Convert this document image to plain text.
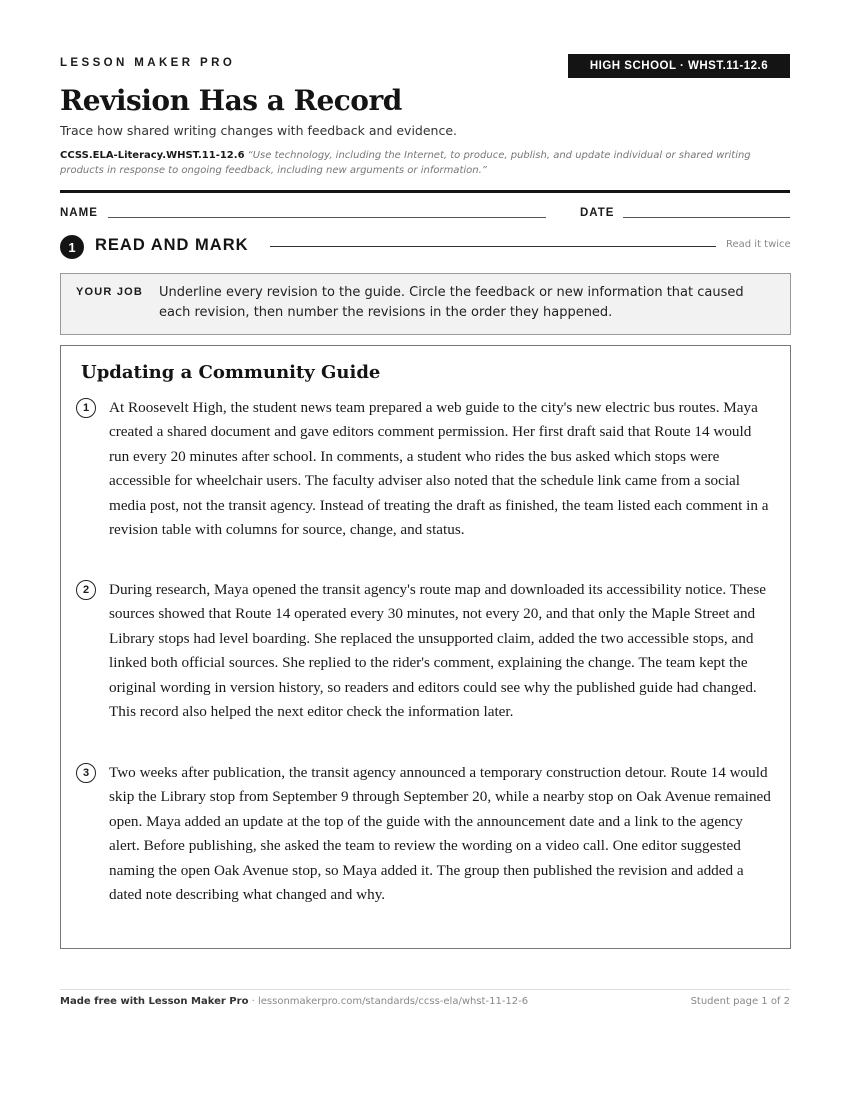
LESSON MAKER PRO	HIGH SCHOOL · WHST.11-12.6
Revision Has a Record
Trace how shared writing changes with feedback and evidence.
CCSS.ELA-Literacy.WHST.11-12.6 “Use technology, including the Internet, to produce, publish, and update individual or shared writing products in response to ongoing feedback, including new arguments or information.”
NAME	DATE
1	READ AND MARK	Read it twice
YOUR JOB Underline every revision to the guide. Circle the feedback or new information that caused each revision, then number the revisions in the order they happened.
Updating a Community Guide
1	At Roosevelt High, the student news team prepared a web guide to the city's new electric bus routes. Maya created a shared document and gave editors comment permission. Her first draft said that Route 14 would run every 20 minutes after school. In comments, a student who rides the bus asked which stops were accessible for wheelchair users. The faculty adviser also noted that the schedule link came from a social media post, not the transit agency. Instead of treating the draft as finished, the team listed each comment in a revision table with columns for source, change, and status.

2	During research, Maya opened the transit agency's route map and downloaded its accessibility notice. These sources showed that Route 14 operated every 30 minutes, not every 20, and that only the Maple Street and Library stops had level boarding. She replaced the unsupported claim, added the two accessible stops, and linked both official sources. She replied to the rider's comment, explaining the change. The team kept the original wording in version history, so readers and editors could see why the published guide had changed. This record also helped the next editor check the information later.

3	Two weeks after publication, the transit agency announced a temporary construction detour. Route 14 would skip the Library stop from September 9 through September 20, while a nearby stop on Oak Avenue remained open. Maya added an update at the top of the guide with the announcement date and a link to the agency alert. Before publishing, she asked the team to review the wording on a video call. One editor suggested naming the open Oak Avenue stop, so Maya added it. The group then published the revision and added a dated note describing what changed and why.

Made free with Lesson Maker Pro · lessonmakerpro.com/standards/ccss-ela/whst-11-12-6	Student page 1 of 2
